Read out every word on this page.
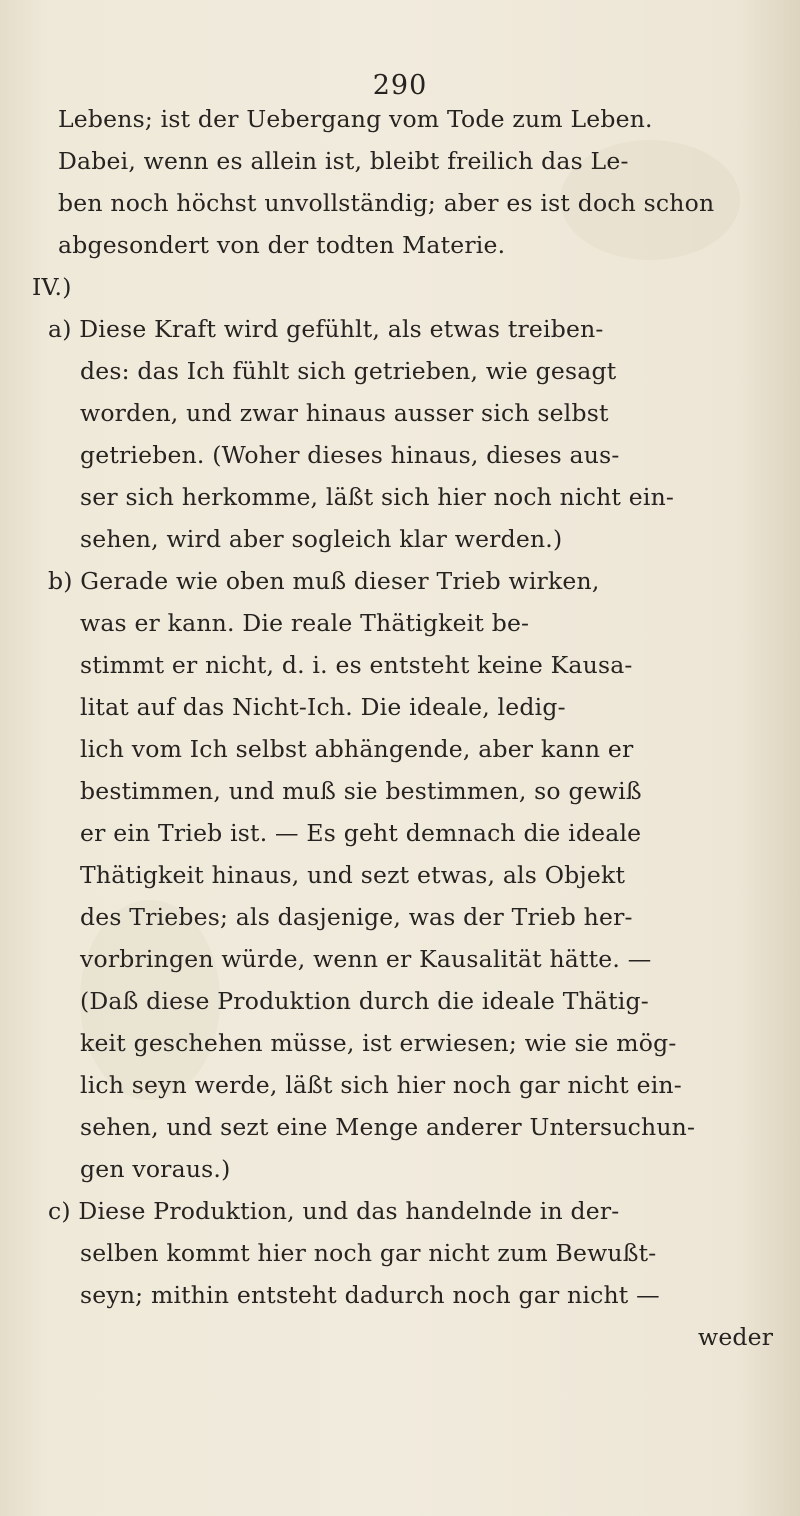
290
Lebens; ist der Uebergang vom Tode zum Leben.
Dabei, wenn es allein ist, bleibt freilich das Le-
ben noch höchst unvollständig; aber es ist doch schon
abgesondert von der todten Materie.
IV.)
a) Diese Kraft wird gefühlt, als etwas treiben-
des: das Ich fühlt sich getrieben, wie gesagt
worden, und zwar hinaus ausser sich selbst
getrieben. (Woher dieses hinaus, dieses aus-
ser sich herkomme, läßt sich hier noch nicht ein-
sehen, wird aber sogleich klar werden.)
b) Gerade wie oben muß dieser Trieb wirken,
was er kann. Die reale Thätigkeit be-
stimmt er nicht, d. i. es entsteht keine Kausa-
litat auf das Nicht-Ich. Die ideale, ledig-
lich vom Ich selbst abhängende, aber kann er
bestimmen, und muß sie bestimmen, so gewiß
er ein Trieb ist. — Es geht demnach die ideale
Thätigkeit hinaus, und sezt etwas, als Objekt
des Triebes; als dasjenige, was der Trieb her-
vorbringen würde, wenn er Kausalität hätte. —
(Daß diese Produktion durch die ideale Thätig-
keit geschehen müsse, ist erwiesen; wie sie mög-
lich seyn werde, läßt sich hier noch gar nicht ein-
sehen, und sezt eine Menge anderer Untersuchun-
gen voraus.)
c) Diese Produktion, und das handelnde in der-
selben kommt hier noch gar nicht zum Bewußt-
seyn; mithin entsteht dadurch noch gar nicht —
weder
